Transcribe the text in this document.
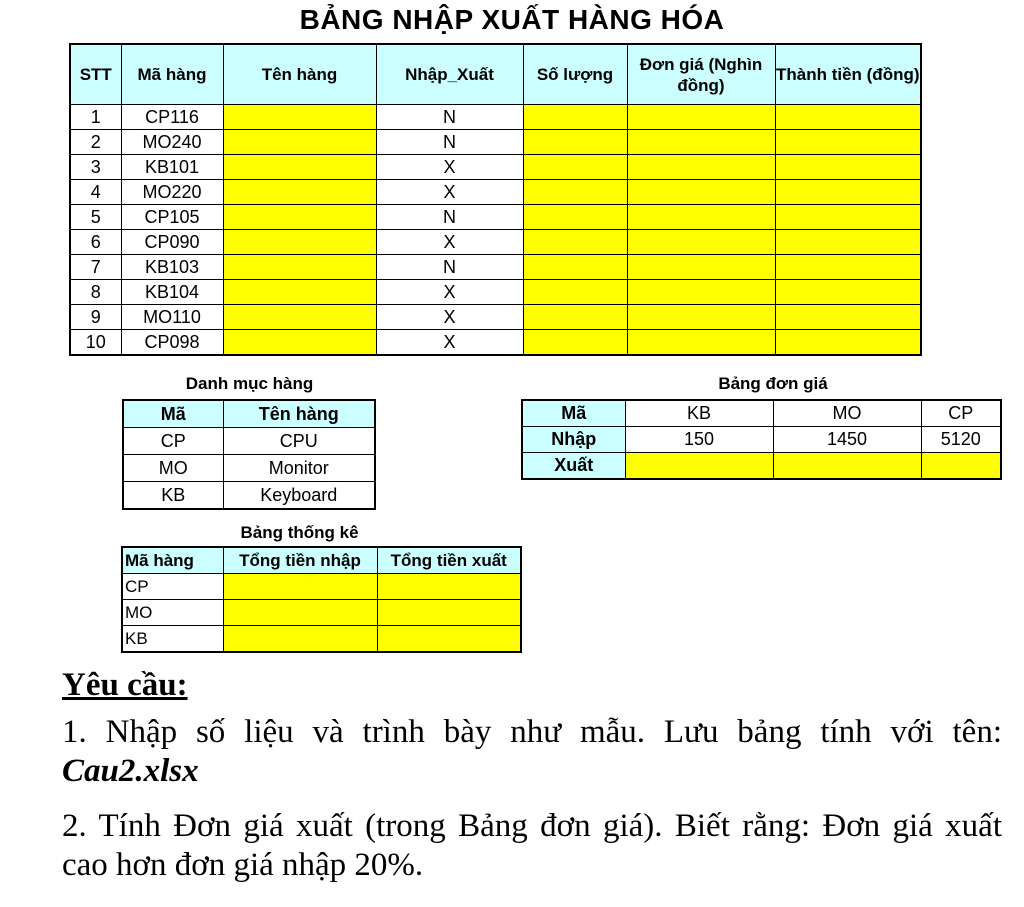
BẢNG NHẬP XUẤT HÀNG HÓA
STT	Mã hàng	Tên hàng	Nhập_Xuất	Số lượng	Đơn giá (Nghìn đồng)	Thành tiền (đồng)
1	CP116		N			
2	MO240		N			
3	KB101		X			
4	MO220		X			
5	CP105		N			
6	CP090		X			
7	KB103		N			
8	KB104		X			
9	MO110		X			
10	CP098		X			
Danh mục hàng
Mã	Tên hàng
CP	CPU
MO	Monitor
KB	Keyboard
Bảng đơn giá
Mã	KB	MO	CP
Nhập	150	1450	5120
Xuất			
Bảng thống kê
Mã hàng	Tổng tiền nhập	Tổng tiền xuất
CP		
MO		
KB		
Yêu cầu:
1. Nhập số liệu và trình bày như mẫu. Lưu bảng tính với tên: Cau2.xlsx
2. Tính Đơn giá xuất (trong Bảng đơn giá). Biết rằng: Đơn giá xuất cao hơn đơn giá nhập 20%.
